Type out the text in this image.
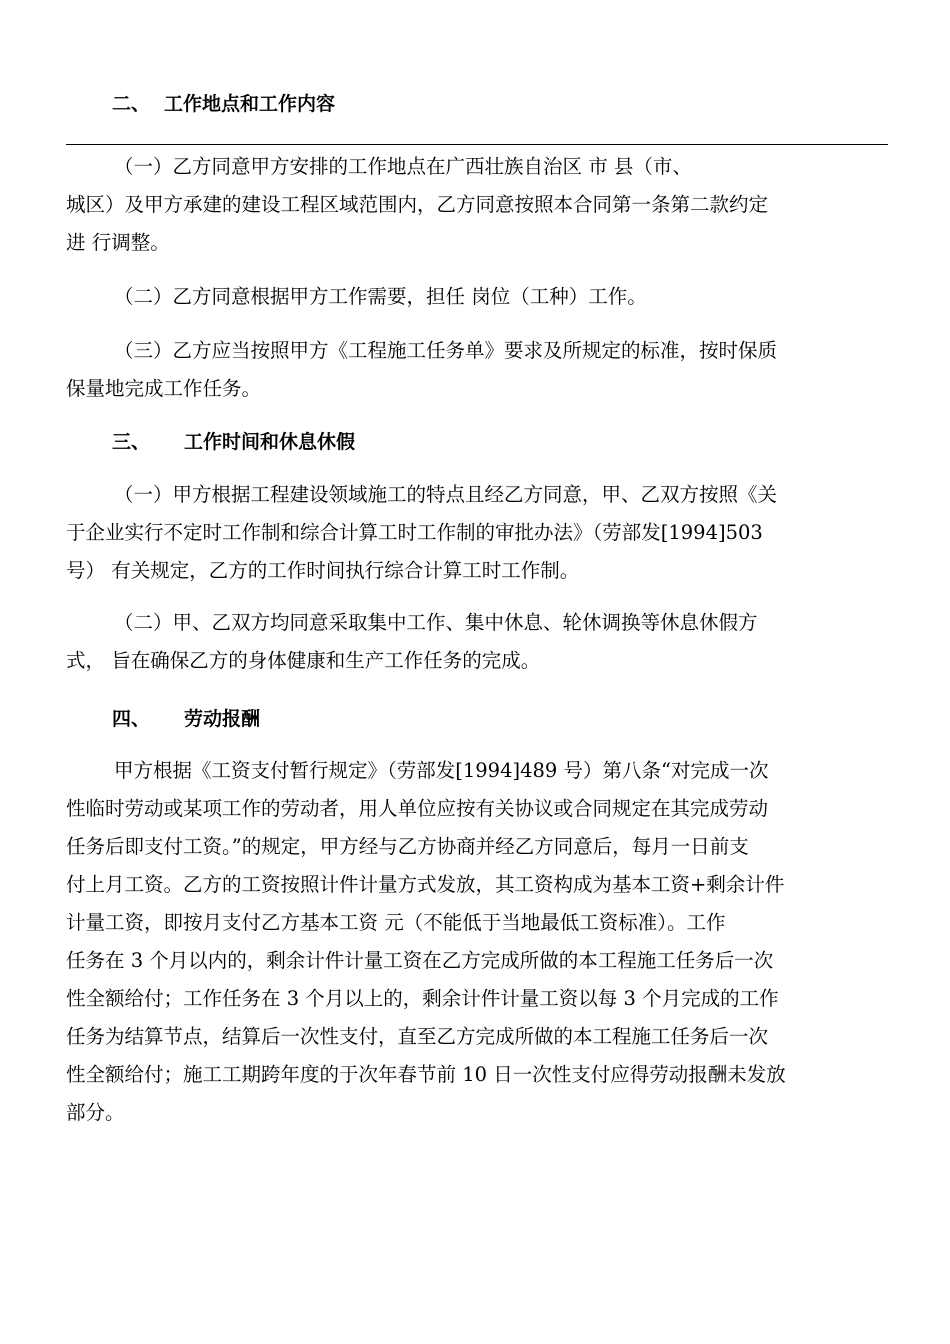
二、 工作地点和工作内容
（一）乙方同意甲方安排的工作地点在广西壮族自治区 市 县（市、
城区）及甲方承建的建设工程区域范围内，乙方同意按照本合同第一条第二款约定
进 行调整。
（二）乙方同意根据甲方工作需要，担任 岗位（工种）工作。
（三）乙方应当按照甲方《工程施工任务单》要求及所规定的标准，按时保质
保量地完成工作任务。
三、 工作时间和休息休假
（一）甲方根据工程建设领域施工的特点且经乙方同意，甲、乙双方按照《关
于企业实行不定时工作制和综合计算工时工作制的审批办法》（劳部发[1994]503
号） 有关规定，乙方的工作时间执行综合计算工时工作制。
（二）甲、乙双方均同意采取集中工作、集中休息、轮休调换等休息休假方
式， 旨在确保乙方的身体健康和生产工作任务的完成。
四、 劳动报酬
甲方根据《工资支付暂行规定》（劳部发[1994]489 号）第八条“对完成一次
性临时劳动或某项工作的劳动者，用人单位应按有关协议或合同规定在其完成劳动
任务后即支付工资。”的规定，甲方经与乙方协商并经乙方同意后，每月一日前支
付上月工资。乙方的工资按照计件计量方式发放，其工资构成为基本工资+剩余计件
计量工资，即按月支付乙方基本工资 元（不能低于当地最低工资标准）。工作
任务在 3 个月以内的，剩余计件计量工资在乙方完成所做的本工程施工任务后一次
性全额给付；工作任务在 3 个月以上的，剩余计件计量工资以每 3 个月完成的工作
任务为结算节点，结算后一次性支付，直至乙方完成所做的本工程施工任务后一次
性全额给付；施工工期跨年度的于次年春节前 10 日一次性支付应得劳动报酬未发放
部分。
